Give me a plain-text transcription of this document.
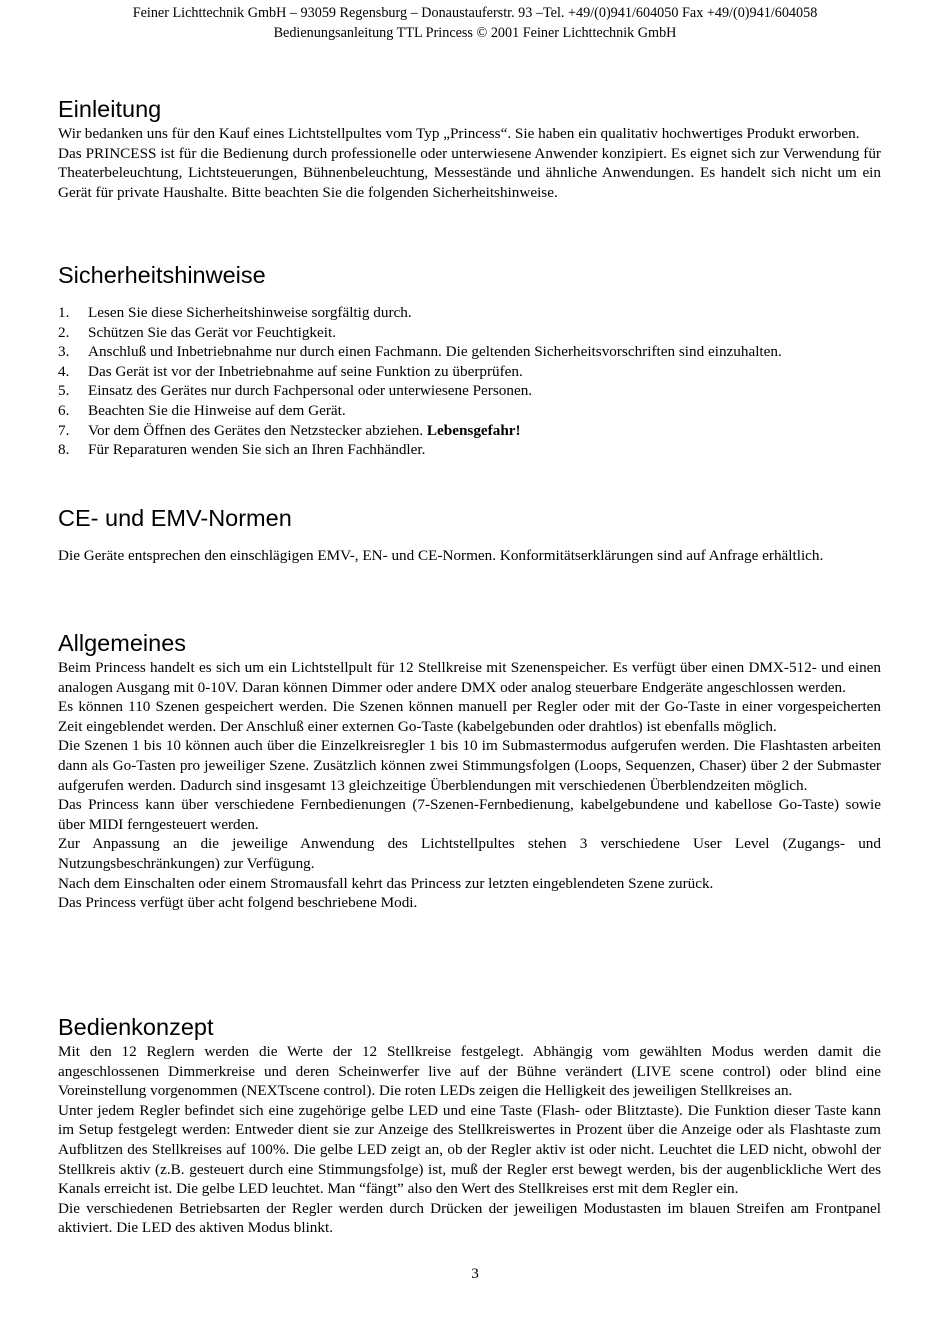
Feiner Lichttechnik GmbH – 93059 Regensburg – Donaustauferstr. 93 –Tel. +49/(0)941/604050 Fax +49/(0)941/604058
Bedienungsanleitung TTL Princess © 2001 Feiner Lichttechnik GmbH
Einleitung

Wir bedanken uns für den Kauf eines Lichtstellpultes vom Typ „Princess“. Sie haben ein qualitativ hochwertiges Produkt erworben.

Das PRINCESS ist für die Bedienung durch professionelle oder unterwiesene Anwender konzipiert. Es eignet sich zur Verwendung für Theaterbeleuchtung, Lichtsteuerungen, Bühnenbeleuchtung, Messestände und ähnliche Anwendungen. Es handelt sich nicht um ein Gerät für private Haushalte. Bitte beachten Sie die folgenden Sicherheitshinweise.

Sicherheitshinweise
1. Lesen Sie diese Sicherheitshinweise sorgfältig durch.
2. Schützen Sie das Gerät vor Feuchtigkeit.
3. Anschluß und Inbetriebnahme nur durch einen Fachmann. Die geltenden Sicherheitsvorschriften sind einzuhalten.
4. Das Gerät ist vor der Inbetriebnahme auf seine Funktion zu überprüfen.
5. Einsatz des Gerätes nur durch Fachpersonal oder unterwiesene Personen.
6. Beachten Sie die Hinweise auf dem Gerät.
7. Vor dem Öffnen des Gerätes den Netzstecker abziehen. Lebensgefahr!
8. Für Reparaturen wenden Sie sich an Ihren Fachhändler.
CE- und EMV-Normen

Die Geräte entsprechen den einschlägigen EMV-, EN- und CE-Normen. Konformitätserklärungen sind auf Anfrage erhältlich.

Allgemeines

Beim Princess handelt es sich um ein Lichtstellpult für 12 Stellkreise mit Szenenspeicher. Es verfügt über einen DMX-512- und einen analogen Ausgang mit 0-10V. Daran können Dimmer oder andere DMX oder analog steuerbare Endgeräte angeschlossen werden.

Es können 110 Szenen gespeichert werden. Die Szenen können manuell per Regler oder mit der Go-Taste in einer vorgespeicherten Zeit eingeblendet werden. Der Anschluß einer externen Go-Taste (kabelgebunden oder drahtlos) ist ebenfalls möglich.

Die Szenen 1 bis 10 können auch über die Einzelkreisregler 1 bis 10 im Submastermodus aufgerufen werden. Die Flashtasten arbeiten dann als Go-Tasten pro jeweiliger Szene. Zusätzlich können zwei Stimmungsfolgen (Loops, Sequenzen, Chaser) über 2 der Submaster aufgerufen werden. Dadurch sind insgesamt 13 gleichzeitige Überblendungen mit verschiedenen Überblendzeiten möglich.

Das Princess kann über verschiedene Fernbedienungen (7-Szenen-Fernbedienung, kabelgebundene und kabellose Go-Taste) sowie über MIDI ferngesteuert werden.

Zur Anpassung an die jeweilige Anwendung des Lichtstellpultes stehen 3 verschiedene User Level (Zugangs- und Nutzungsbeschränkungen) zur Verfügung.

Nach dem Einschalten oder einem Stromausfall kehrt das Princess zur letzten eingeblendeten Szene zurück.

Das Princess verfügt über acht folgend beschriebene Modi.

Bedienkonzept

Mit den 12 Reglern werden die Werte der 12 Stellkreise festgelegt. Abhängig vom gewählten Modus werden damit die angeschlossenen Dimmerkreise und deren Scheinwerfer live auf der Bühne verändert (LIVE scene control) oder blind eine Voreinstellung vorgenommen (NEXTscene control). Die roten LEDs zeigen die Helligkeit des jeweiligen Stellkreises an.

Unter jedem Regler befindet sich eine zugehörige gelbe LED und eine Taste (Flash- oder Blitztaste). Die Funktion dieser Taste kann im Setup festgelegt werden: Entweder dient sie zur Anzeige des Stellkreiswertes in Prozent über die Anzeige oder als Flashtaste zum Aufblitzen des Stellkreises auf 100%. Die gelbe LED zeigt an, ob der Regler aktiv ist oder nicht. Leuchtet die LED nicht, obwohl der Stellkreis aktiv (z.B. gesteuert durch eine Stimmungsfolge) ist, muß der Regler erst bewegt werden, bis der augenblickliche Wert des Kanals erreicht ist. Die gelbe LED leuchtet. Man “fängt” also den Wert des Stellkreises erst mit dem Regler ein.

Die verschiedenen Betriebsarten der Regler werden durch Drücken der jeweiligen Modustasten im blauen Streifen am Frontpanel aktiviert. Die LED des aktiven Modus blinkt.

3
